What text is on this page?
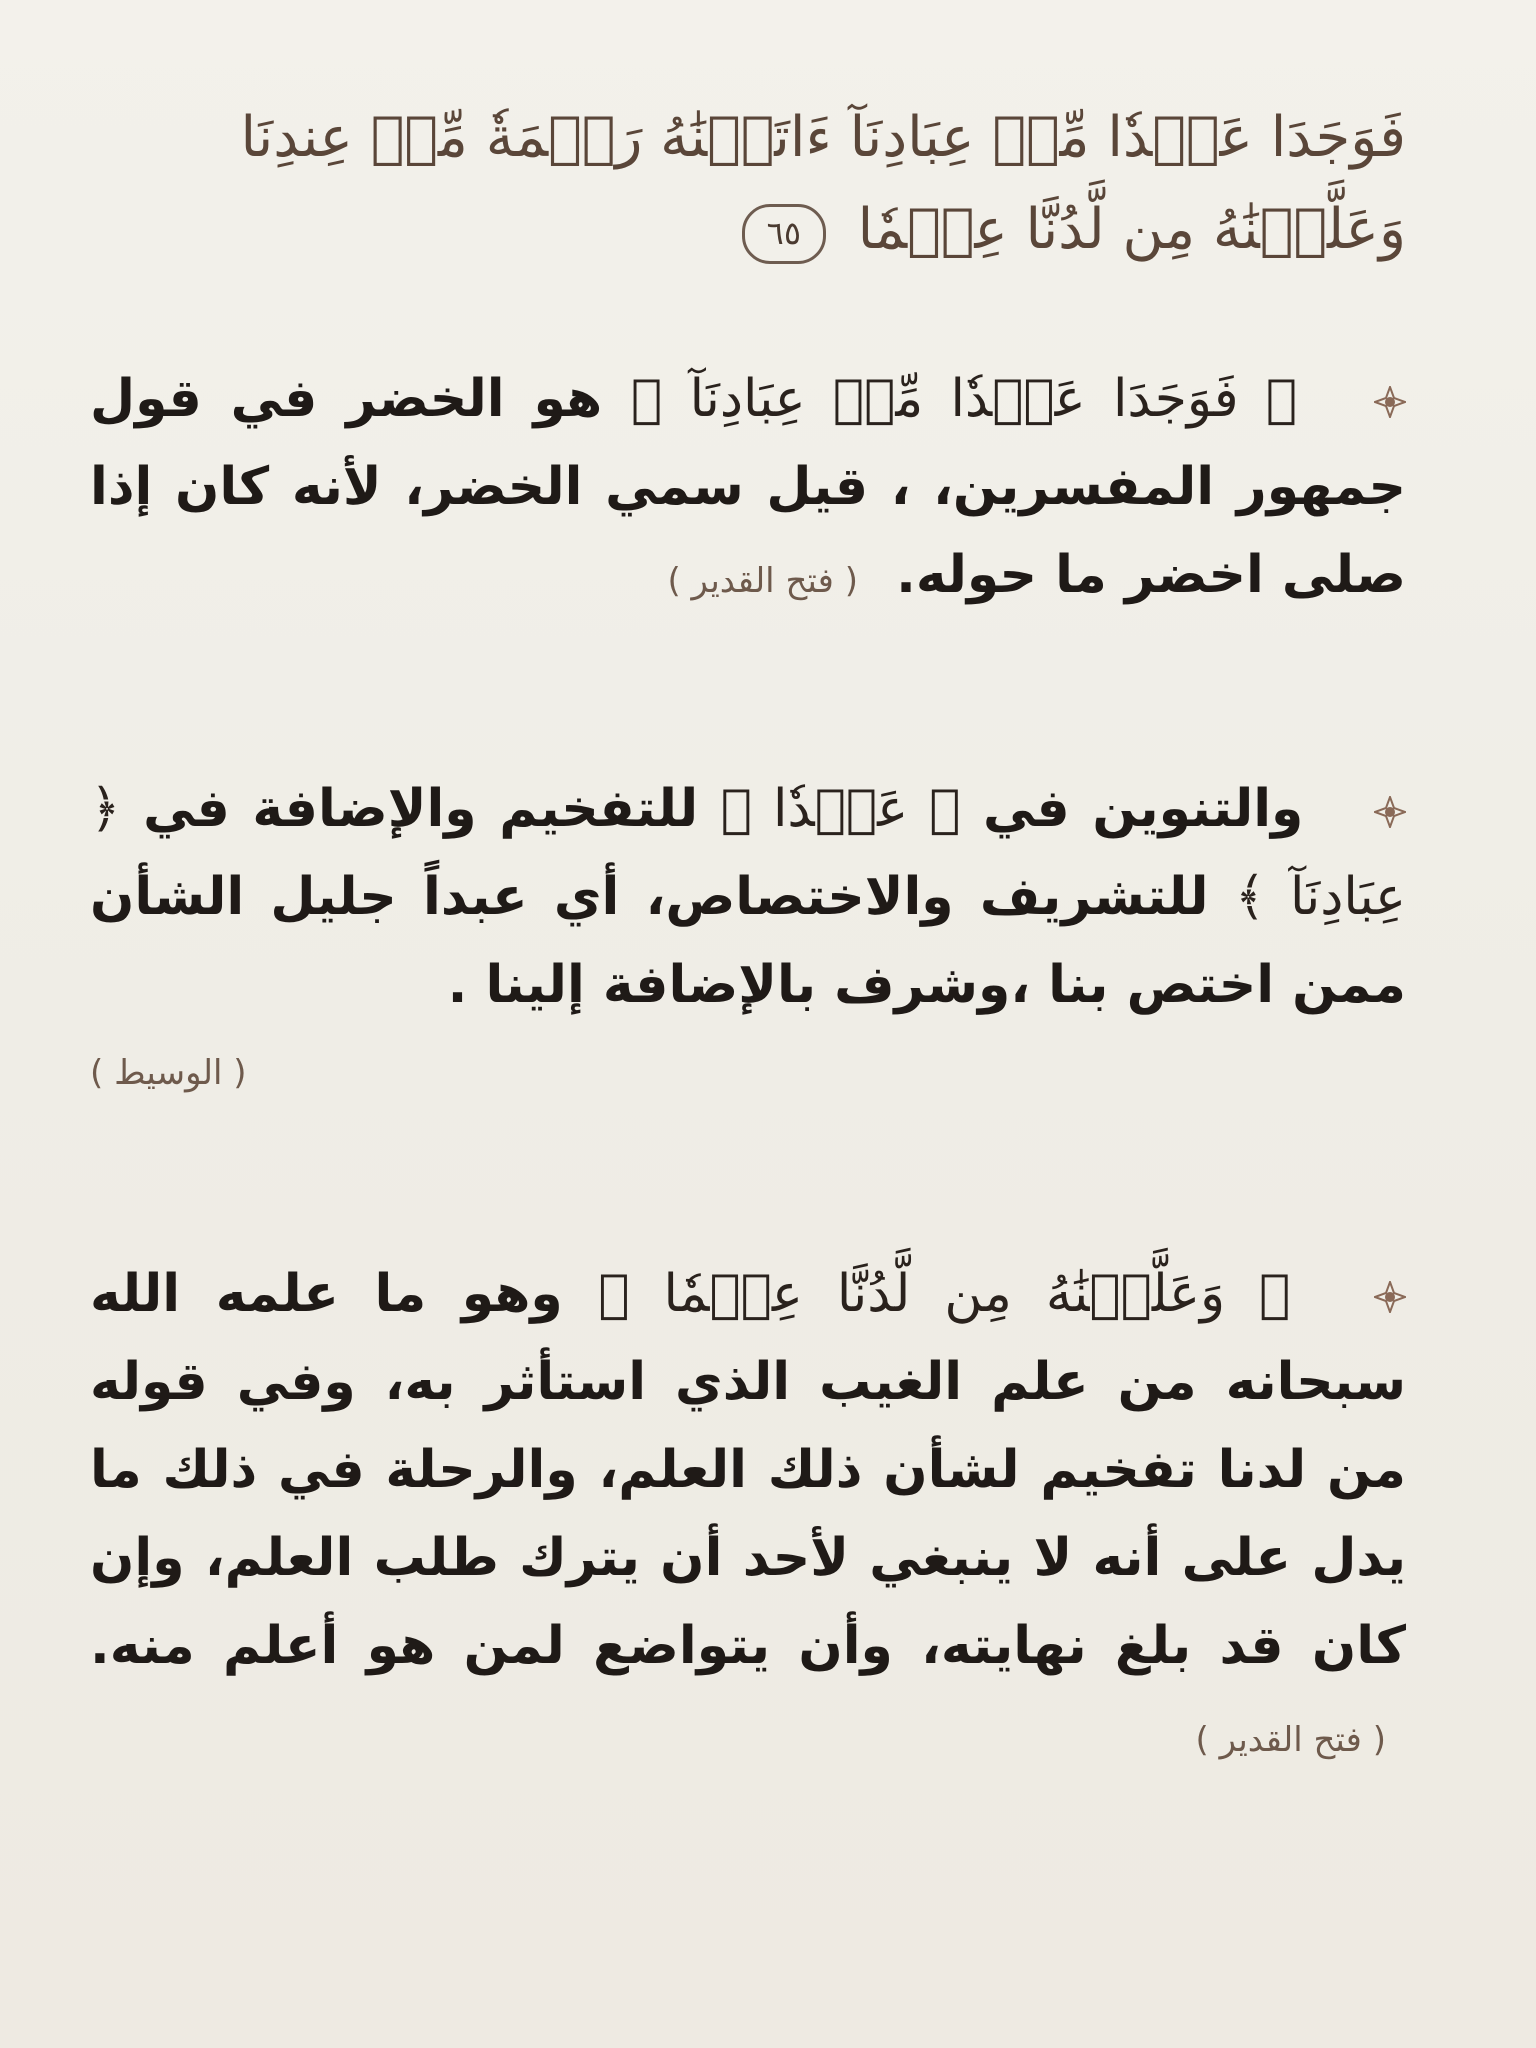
فَوَجَدَا عَبۡدٗا مِّنۡ عِبَادِنَآ ءَاتَيۡنَٰهُ رَحۡمَةٗ مِّنۡ عِندِنَا وَعَلَّمۡنَٰهُ مِن لَّدُنَّا عِلۡمٗا ٦٥
﴿ فَوَجَدَا عَبۡدٗا مِّنۡ عِبَادِنَآ ﴾ هو الخضر في قول جمهور المفسرين، ، قيل سمي الخضر، لأنه كان إذا صلى اخضر ما حوله. ( فتح القدير )
والتنوين في ﴿ عَبۡدٗا ﴾ للتفخيم والإضافة في ﴿ عِبَادِنَآ ﴾ للتشريف والاختصاص، أي عبداً جليل الشأن ممن اختص بنا ،وشرف بالإضافة إلينا .
( الوسيط )
﴿ وَعَلَّمۡنَٰهُ مِن لَّدُنَّا عِلۡمٗا ﴾ وهو ما علمه الله سبحانه من علم الغيب الذي استأثر به، وفي قوله من لدنا تفخيم لشأن ذلك العلم، والرحلة في ذلك ما يدل على أنه لا ينبغي لأحد أن يترك طلب العلم، وإن كان قد بلغ نهايته، وأن يتواضع لمن هو أعلم منه. ( فتح القدير )
